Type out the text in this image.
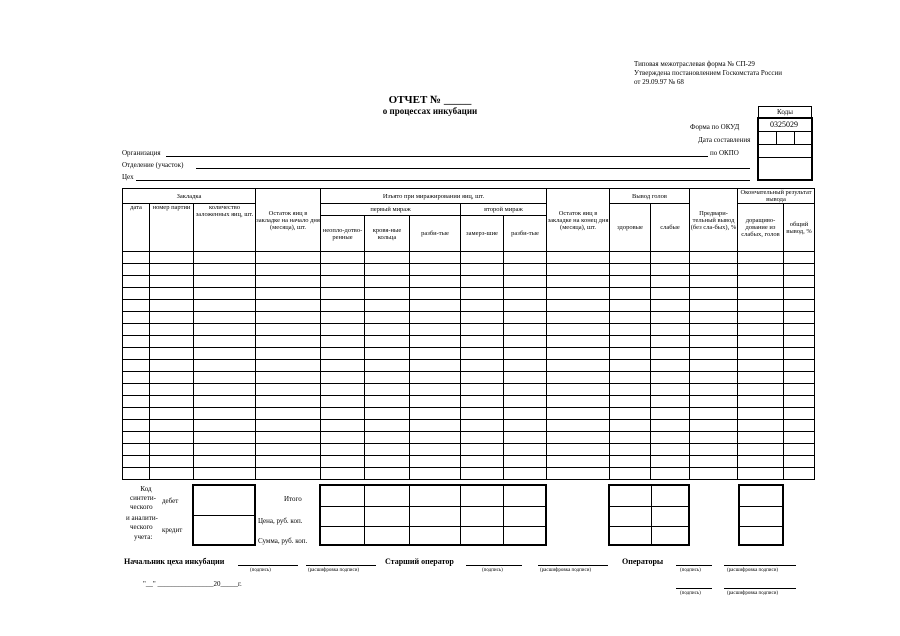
Типовая межотраслевая форма № СП-29
Утверждена постановлением Госкомстата России
от 29.09.97 № 68
ОТЧЕТ № _____
о процессах инкубации	Коды
0325029
Форма по ОКУД
Дата составления
по ОКПО
Организация
Отделение (участок)
Цех
Закладка			Остаток яиц в закладке на начало дня (месяца), шт.	Изъято при миражировании яиц, шт.					Остаток яиц в закладке на конец дня (месяца), шт.	Вывод голов		Предвари-тельный вывод (без сла-бых), %	Окончательный результат вывода	
дата	номер партии	количество заложенных яиц, шт.		первый мираж			второй мираж			здоровые	слабые		доращиво-дование из слабых, голов	общий вывод, %
				неопло-дотво-ренные	кровя-ные кольца	разби-тые	замерз-шие	разби-тые						

Код
синтети- дебет
ческого
и аналити-
ческого кредит
учета:
Итого
Цена, руб. коп.
Сумма, руб. коп.
Начальник цеха инкубации
(подпись)	(расшифровка подписи)
Старший оператор
(подпись)	(расшифровка подписи)
Операторы
(подпись)	(расшифровка подписи)
(подпись)	(расшифровка подписи)
"__" ________________20_____г.
